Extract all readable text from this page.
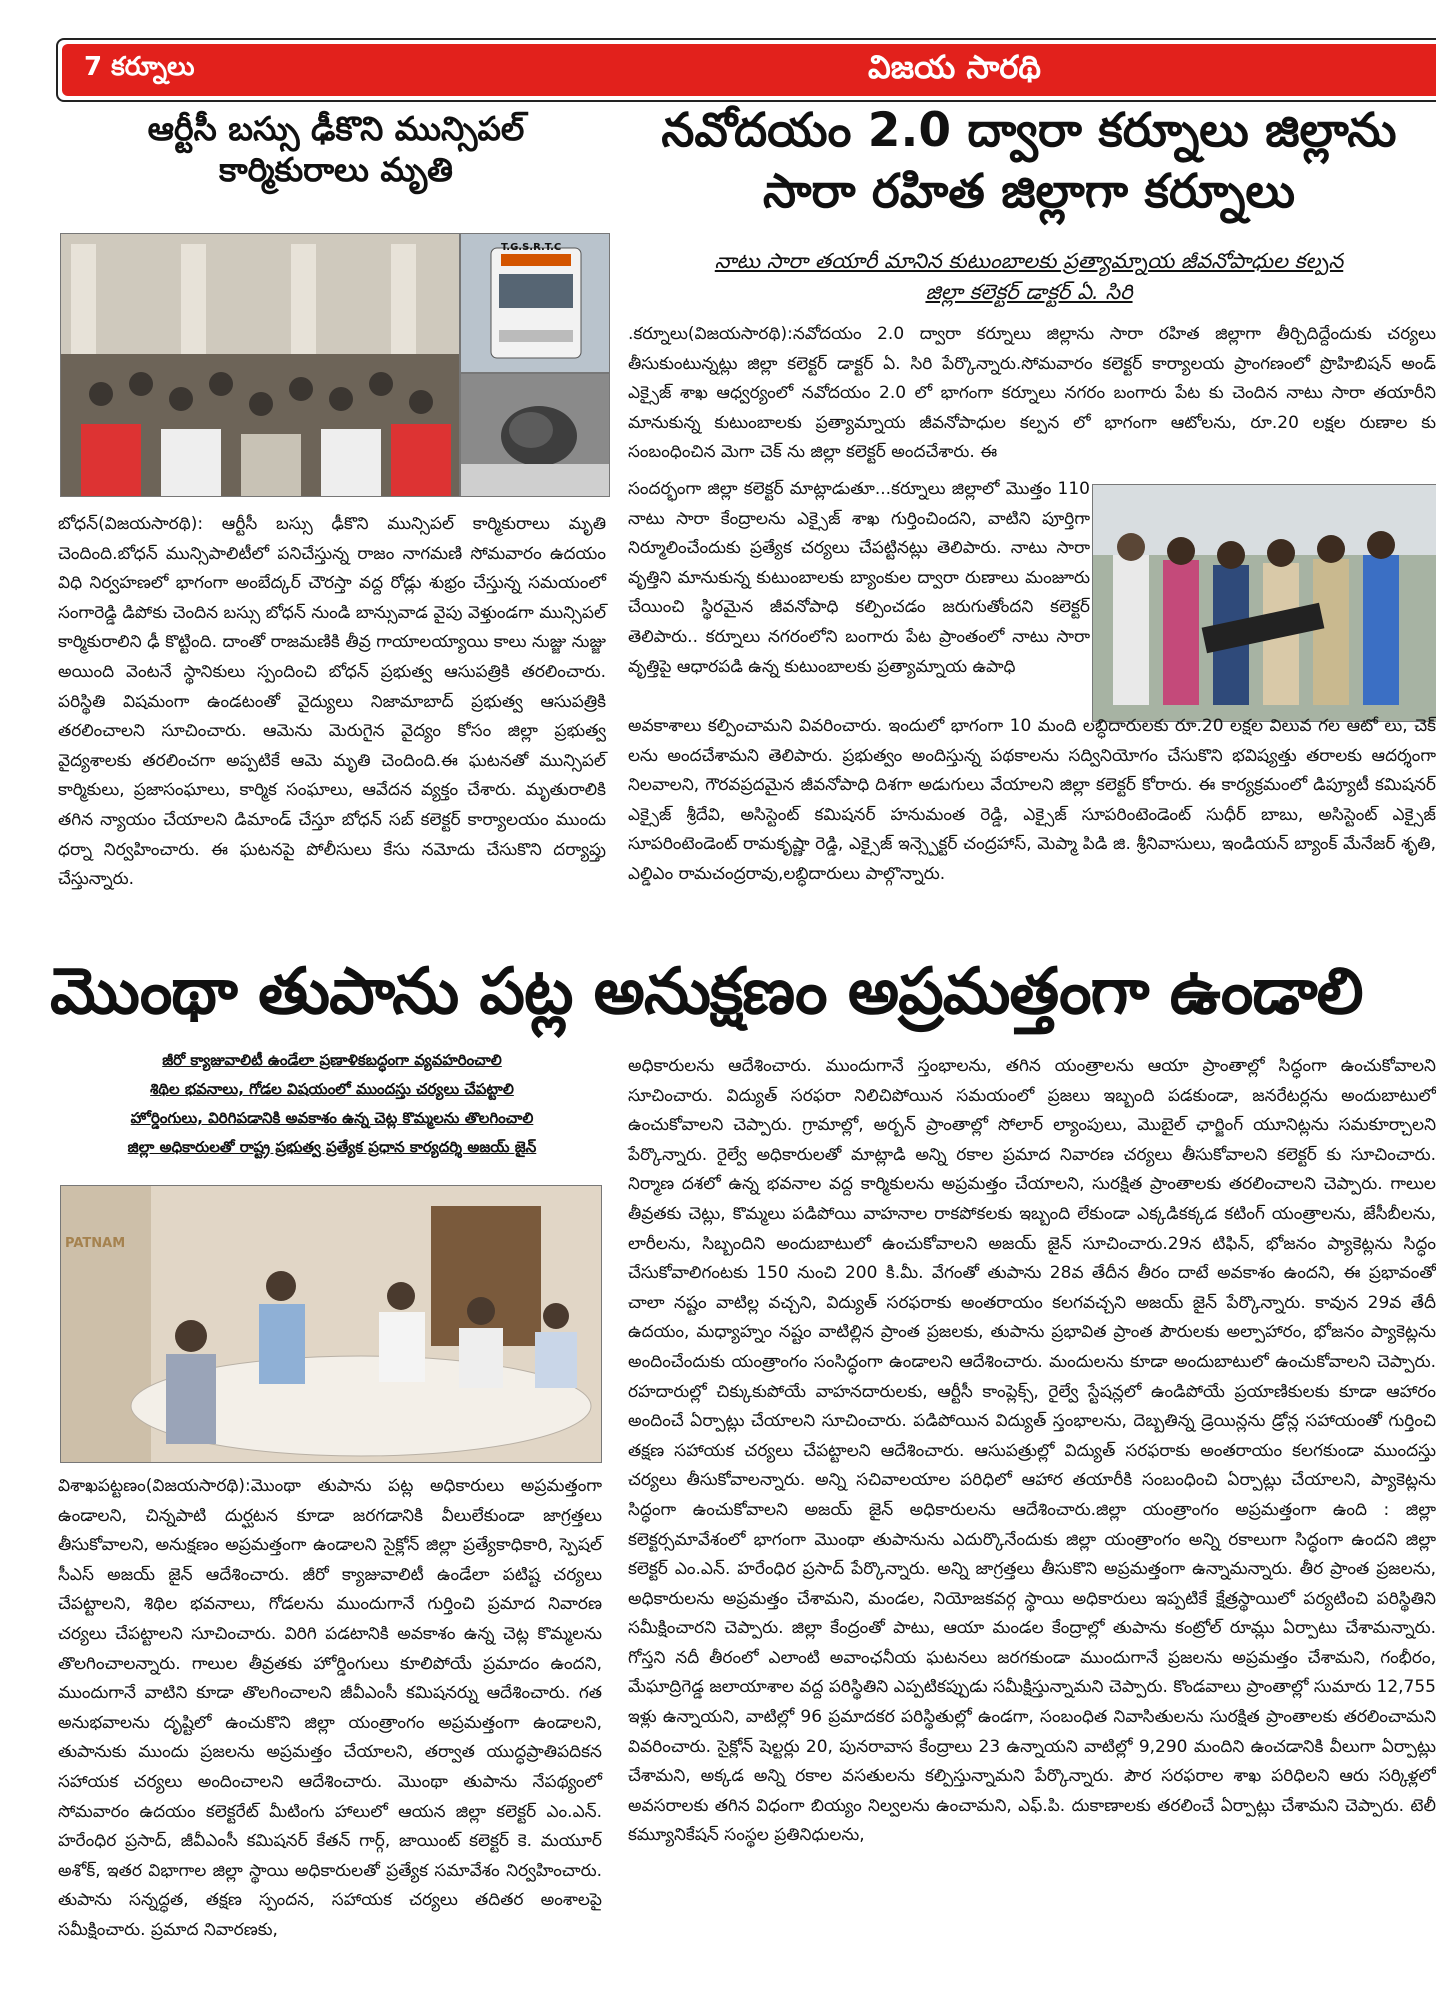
7 కర్నూలు	విజయ సారథి
ఆర్టీసీ బస్సు ఢీకొని మున్సిపల్
కార్మికురాలు మృతి
T.G.S.R.T.C

బోధన్(విజయసారథి): ఆర్టీసీ బస్సు ఢీకొని మున్సిపల్ కార్మికురాలు మృతి చెందింది.బోధన్ మున్సిపాలిటీలో పనిచేస్తున్న రాజం నాగమణి సోమవారం ఉదయం విధి నిర్వహణలో భాగంగా అంబేద్కర్ చౌరస్తా వద్ద రోడ్లు శుభ్రం చేస్తున్న సమయంలో సంగారెడ్డి డిపోకు చెందిన బస్సు బోధన్ నుండి బాన్సువాడ వైపు వెళ్తుండగా మున్సిపల్ కార్మికురాలిని ఢీ కొట్టింది. దాంతో రాజమణికి తీవ్ర గాయాలయ్యాయి కాలు నుజ్జు నుజ్జు అయింది వెంటనే స్థానికులు స్పందించి బోధన్ ప్రభుత్వ ఆసుపత్రికి తరలించారు. పరిస్థితి విషమంగా ఉండటంతో వైద్యులు నిజామాబాద్ ప్రభుత్వ ఆసుపత్రికి తరలించాలని సూచించారు. ఆమెను మెరుగైన వైద్యం కోసం జిల్లా ప్రభుత్వ వైద్యశాలకు తరలించగా అప్పటికే ఆమె మృతి చెందింది.ఈ ఘటనతో మున్సిపల్ కార్మికులు, ప్రజాసంఘాలు, కార్మిక సంఘాలు, ఆవేదన వ్యక్తం చేశారు. మృతురాలికి తగిన న్యాయం చేయాలని డిమాండ్ చేస్తూ బోధన్ సబ్ కలెక్టర్ కార్యాలయం ముందు ధర్నా నిర్వహించారు. ఈ ఘటనపై పోలీసులు కేసు నమోదు చేసుకొని దర్యాప్తు చేస్తున్నారు.

నవోదయం 2.0 ద్వారా కర్నూలు జిల్లాను
సారా రహిత జిల్లాగా కర్నూలు
నాటు సారా తయారీ మానిన కుటుంబాలకు ప్రత్యామ్నాయ జీవనోపాధుల కల్పన
జిల్లా కలెక్టర్ డాక్టర్ ఏ. సిరి

.కర్నూలు(విజయసారథి):నవోదయం 2.0 ద్వారా కర్నూలు జిల్లాను సారా రహిత జిల్లాగా తీర్చిదిద్దేందుకు చర్యలు తీసుకుంటున్నట్లు జిల్లా కలెక్టర్ డాక్టర్ ఏ. సిరి పేర్కొన్నారు.సోమవారం కలెక్టర్ కార్యాలయ ప్రాంగణంలో ప్రొహిబిషన్ అండ్ ఎక్సైజ్ శాఖ ఆధ్వర్యంలో నవోదయం 2.0 లో భాగంగా కర్నూలు నగరం బంగారు పేట కు చెందిన నాటు సారా తయారీని మానుకున్న కుటుంబాలకు ప్రత్యామ్నాయ జీవనోపాధుల కల్పన లో భాగంగా ఆటోలను, రూ.20 లక్షల రుణాల కు సంబంధించిన మెగా చెక్ ను జిల్లా కలెక్టర్ అందచేశారు. ఈ

సందర్భంగా జిల్లా కలెక్టర్ మాట్లాడుతూ...కర్నూలు జిల్లాలో మొత్తం 110 నాటు సారా కేంద్రాలను ఎక్సైజ్ శాఖ గుర్తించిందని, వాటిని పూర్తిగా నిర్మూలించేందుకు ప్రత్యేక చర్యలు చేపట్టినట్లు తెలిపారు. నాటు సారా వృత్తిని మానుకున్న కుటుంబాలకు బ్యాంకుల ద్వారా రుణాలు మంజూరు చేయించి స్థిరమైన జీవనోపాధి కల్పించడం జరుగుతోందని కలెక్టర్ తెలిపారు.. కర్నూలు నగరంలోని బంగారు పేట ప్రాంతంలో నాటు సారా వృత్తిపై ఆధారపడి ఉన్న కుటుంబాలకు ప్రత్యామ్నాయ ఉపాధి

అవకాశాలు కల్పించామని వివరించారు. ఇందులో భాగంగా 10 మంది లబ్ధిదారులకు రూ.20 లక్షల విలువ గల ఆటో లు, చెక్ లను అందచేశామని తెలిపారు. ప్రభుత్వం అందిస్తున్న పథకాలను సద్వినియోగం చేసుకొని భవిష్యత్తు తరాలకు ఆదర్శంగా నిలవాలని, గౌరవప్రదమైన జీవనోపాధి దిశగా అడుగులు వేయాలని జిల్లా కలెక్టర్ కోరారు. ఈ కార్యక్రమంలో డిప్యూటీ కమిషనర్ ఎక్సైజ్ శ్రీదేవి, అసిస్టెంట్ కమిషనర్ హనుమంత రెడ్డి, ఎక్సైజ్ సూపరింటెండెంట్ సుధీర్ బాబు, అసిస్టెంట్ ఎక్సైజ్ సూపరింటెండెంట్ రామకృష్ణా రెడ్డి, ఎక్సైజ్ ఇన్స్పెక్టర్ చంద్రహాస్, మెప్మా పిడి జి. శ్రీనివాసులు, ఇండియన్ బ్యాంక్ మేనేజర్ శృతి, ఎల్డిఎం రామచంద్రరావు,లబ్ధిదారులు పాల్గొన్నారు.

మొంథా తుపాను పట్ల అనుక్షణం అప్రమత్తంగా ఉండాలి
జీరో క్యాజువాలిటీ ఉండేలా ప్రణాళికబద్ధంగా వ్యవహరించాలి
శిథిల భవనాలు, గోడల విషయంలో ముందస్తు చర్యలు చేపట్టాలి
హోర్డింగులు, విరిగిపడానికి అవకాశం ఉన్న చెట్ల కొమ్మలను తొలగించాలి
జిల్లా అధికారులతో రాష్ట్ర ప్రభుత్వ ప్రత్యేక ప్రధాన కార్యదర్శి అజయ్ జైన్
PATNAM

విశాఖపట్టణం(విజయసారథి):మొంథా తుపాను పట్ల అధికారులు అప్రమత్తంగా ఉండాలని, చిన్నపాటి దుర్ఘటన కూడా జరగడానికి వీలులేకుండా జాగ్రత్తలు తీసుకోవాలని, అనుక్షణం అప్రమత్తంగా ఉండాలని సైక్లోన్ జిల్లా ప్రత్యేకాధికారి, స్పెషల్ సీఎస్ అజయ్ జైన్ ఆదేశించారు. జీరో క్యాజువాలిటీ ఉండేలా పటిష్ట చర్యలు చేపట్టాలని, శిథిల భవనాలు, గోడలను ముందుగానే గుర్తించి ప్రమాద నివారణ చర్యలు చేపట్టాలని సూచించారు. విరిగి పడటానికి అవకాశం ఉన్న చెట్ల కొమ్మలను తొలగించాలన్నారు. గాలుల తీవ్రతకు హోర్డింగులు కూలిపోయే ప్రమాదం ఉందని, ముందుగానే వాటిని కూడా తొలగించాలని జీవీఎంసీ కమిషనర్ను ఆదేశించారు. గత అనుభవాలను దృష్టిలో ఉంచుకొని జిల్లా యంత్రాంగం అప్రమత్తంగా ఉండాలని, తుపానుకు ముందు ప్రజలను అప్రమత్తం చేయాలని, తర్వాత యుద్ధప్రాతిపదికన సహాయక చర్యలు అందించాలని ఆదేశించారు. మొంథా తుపాను నేపథ్యంలో సోమవారం ఉదయం కలెక్టరేట్ మీటింగు హాలులో ఆయన జిల్లా కలెక్టర్ ఎం.ఎన్. హరేంధిర ప్రసాద్, జీవీఎంసీ కమిషనర్ కేతన్ గార్గ్, జాయింట్ కలెక్టర్ కె. మయూర్ అశోక్, ఇతర విభాగాల జిల్లా స్థాయి అధికారులతో ప్రత్యేక సమావేశం నిర్వహించారు. తుపాను సన్నద్ధత, తక్షణ స్పందన, సహాయక చర్యలు తదితర అంశాలపై సమీక్షించారు. ప్రమాద నివారణకు,

అధికారులను ఆదేశించారు. ముందుగానే స్తంభాలను, తగిన యంత్రాలను ఆయా ప్రాంతాల్లో సిద్ధంగా ఉంచుకోవాలని సూచించారు. విద్యుత్ సరఫరా నిలిచిపోయిన సమయంలో ప్రజలు ఇబ్బంది పడకుండా, జనరేటర్లను అందుబాటులో ఉంచుకోవాలని చెప్పారు. గ్రామాల్లో, అర్బన్ ప్రాంతాల్లో సోలార్ ల్యాంపులు, మొబైల్ ఛార్జింగ్ యూనిట్లను సమకూర్చాలని పేర్కొన్నారు. రైల్వే అధికారులతో మాట్లాడి అన్ని రకాల ప్రమాద నివారణ చర్యలు తీసుకోవాలని కలెక్టర్ కు సూచించారు. నిర్మాణ దశలో ఉన్న భవనాల వద్ద కార్మికులను అప్రమత్తం చేయాలని, సురక్షిత ప్రాంతాలకు తరలించాలని చెప్పారు. గాలుల తీవ్రతకు చెట్లు, కొమ్మలు పడిపోయి వాహనాల రాకపోకలకు ఇబ్బంది లేకుండా ఎక్కడికక్కడ కటింగ్ యంత్రాలను, జేసీబీలను, లారీలను, సిబ్బందిని అందుబాటులో ఉంచుకోవాలని అజయ్ జైన్ సూచించారు.29న టిఫిన్, భోజనం ప్యాకెట్లను సిద్ధం చేసుకోవాలిగంటకు 150 నుంచి 200 కి.మీ. వేగంతో తుపాను 28వ తేదీన తీరం దాటే అవకాశం ఉందని, ఈ ప్రభావంతో చాలా నష్టం వాటిల్ల వచ్చని, విద్యుత్ సరఫరాకు అంతరాయం కలగవచ్చని అజయ్ జైన్ పేర్కొన్నారు. కావున 29వ తేదీ ఉదయం, మధ్యాహ్నం నష్టం వాటిల్లిన ప్రాంత ప్రజలకు, తుపాను ప్రభావిత ప్రాంత పౌరులకు అల్పాహారం, భోజనం ప్యాకెట్లను అందించేందుకు యంత్రాంగం సంసిద్ధంగా ఉండాలని ఆదేశించారు. మందులను కూడా అందుబాటులో ఉంచుకోవాలని చెప్పారు. రహదారుల్లో చిక్కుకుపోయే వాహనదారులకు, ఆర్టీసీ కాంప్లెక్స్, రైల్వే స్టేషన్లలో ఉండిపోయే ప్రయాణికులకు కూడా ఆహారం అందించే ఏర్పాట్లు చేయాలని సూచించారు. పడిపోయిన విద్యుత్ స్తంభాలను, దెబ్బతిన్న డ్రెయిన్లను డ్రోన్ల సహాయంతో గుర్తించి తక్షణ సహాయక చర్యలు చేపట్టాలని ఆదేశించారు. ఆసుపత్రుల్లో విద్యుత్ సరఫరాకు అంతరాయం కలగకుండా ముందస్తు చర్యలు తీసుకోవాలన్నారు. అన్ని సచివాలయాల పరిధిలో ఆహార తయారీకి సంబంధించి ఏర్పాట్లు చేయాలని, ప్యాకెట్లను సిద్ధంగా ఉంచుకోవాలని అజయ్ జైన్ అధికారులను ఆదేశించారు.జిల్లా యంత్రాంగం అప్రమత్తంగా ఉంది : జిల్లా కలెక్టర్సమావేశంలో భాగంగా మొంథా తుపానును ఎదుర్కొనేందుకు జిల్లా యంత్రాంగం అన్ని రకాలుగా సిద్ధంగా ఉందని జిల్లా కలెక్టర్ ఎం.ఎన్. హరేంధిర ప్రసాద్ పేర్కొన్నారు. అన్ని జాగ్రత్తలు తీసుకొని అప్రమత్తంగా ఉన్నామన్నారు. తీర ప్రాంత ప్రజలను, అధికారులను అప్రమత్తం చేశామని, మండల, నియోజకవర్గ స్థాయి అధికారులు ఇప్పటికే క్షేత్రస్థాయిలో పర్యటించి పరిస్థితిని సమీక్షించారని చెప్పారు. జిల్లా కేంద్రంతో పాటు, ఆయా మండల కేంద్రాల్లో తుపాను కంట్రోల్ రూమ్లు ఏర్పాటు చేశామన్నారు. గోస్తని నదీ తీరంలో ఎలాంటి అవాంఛనీయ ఘటనలు జరగకుండా ముందుగానే ప్రజలను అప్రమత్తం చేశామని, గంభీరం, మేఘాద్రిగెడ్డ జలాయాశాల వద్ద పరిస్థితిని ఎప్పటికప్పుడు సమీక్షిస్తున్నామని చెప్పారు. కొండవాలు ప్రాంతాల్లో సుమారు 12,755 ఇళ్లు ఉన్నాయని, వాటిల్లో 96 ప్రమాదకర పరిస్థితుల్లో ఉండగా, సంబంధిత నివాసితులను సురక్షిత ప్రాంతాలకు తరలించామని వివరించారు. సైక్లోన్ షెల్టర్లు 20, పునరావాస కేంద్రాలు 23 ఉన్నాయని వాటిల్లో 9,290 మందిని ఉంచడానికి వీలుగా ఏర్పాట్లు చేశామని, అక్కడ అన్ని రకాల వసతులను కల్పిస్తున్నామని పేర్కొన్నారు. పౌర సరఫరాల శాఖ పరిధిలని ఆరు సర్కిళ్లలో అవసరాలకు తగిన విధంగా బియ్యం నిల్వలను ఉంచామని, ఎఫ్.పి. దుకాణాలకు తరలించే ఏర్పాట్లు చేశామని చెప్పారు. టెలీ కమ్యూనికేషన్ సంస్థల ప్రతినిధులను,
